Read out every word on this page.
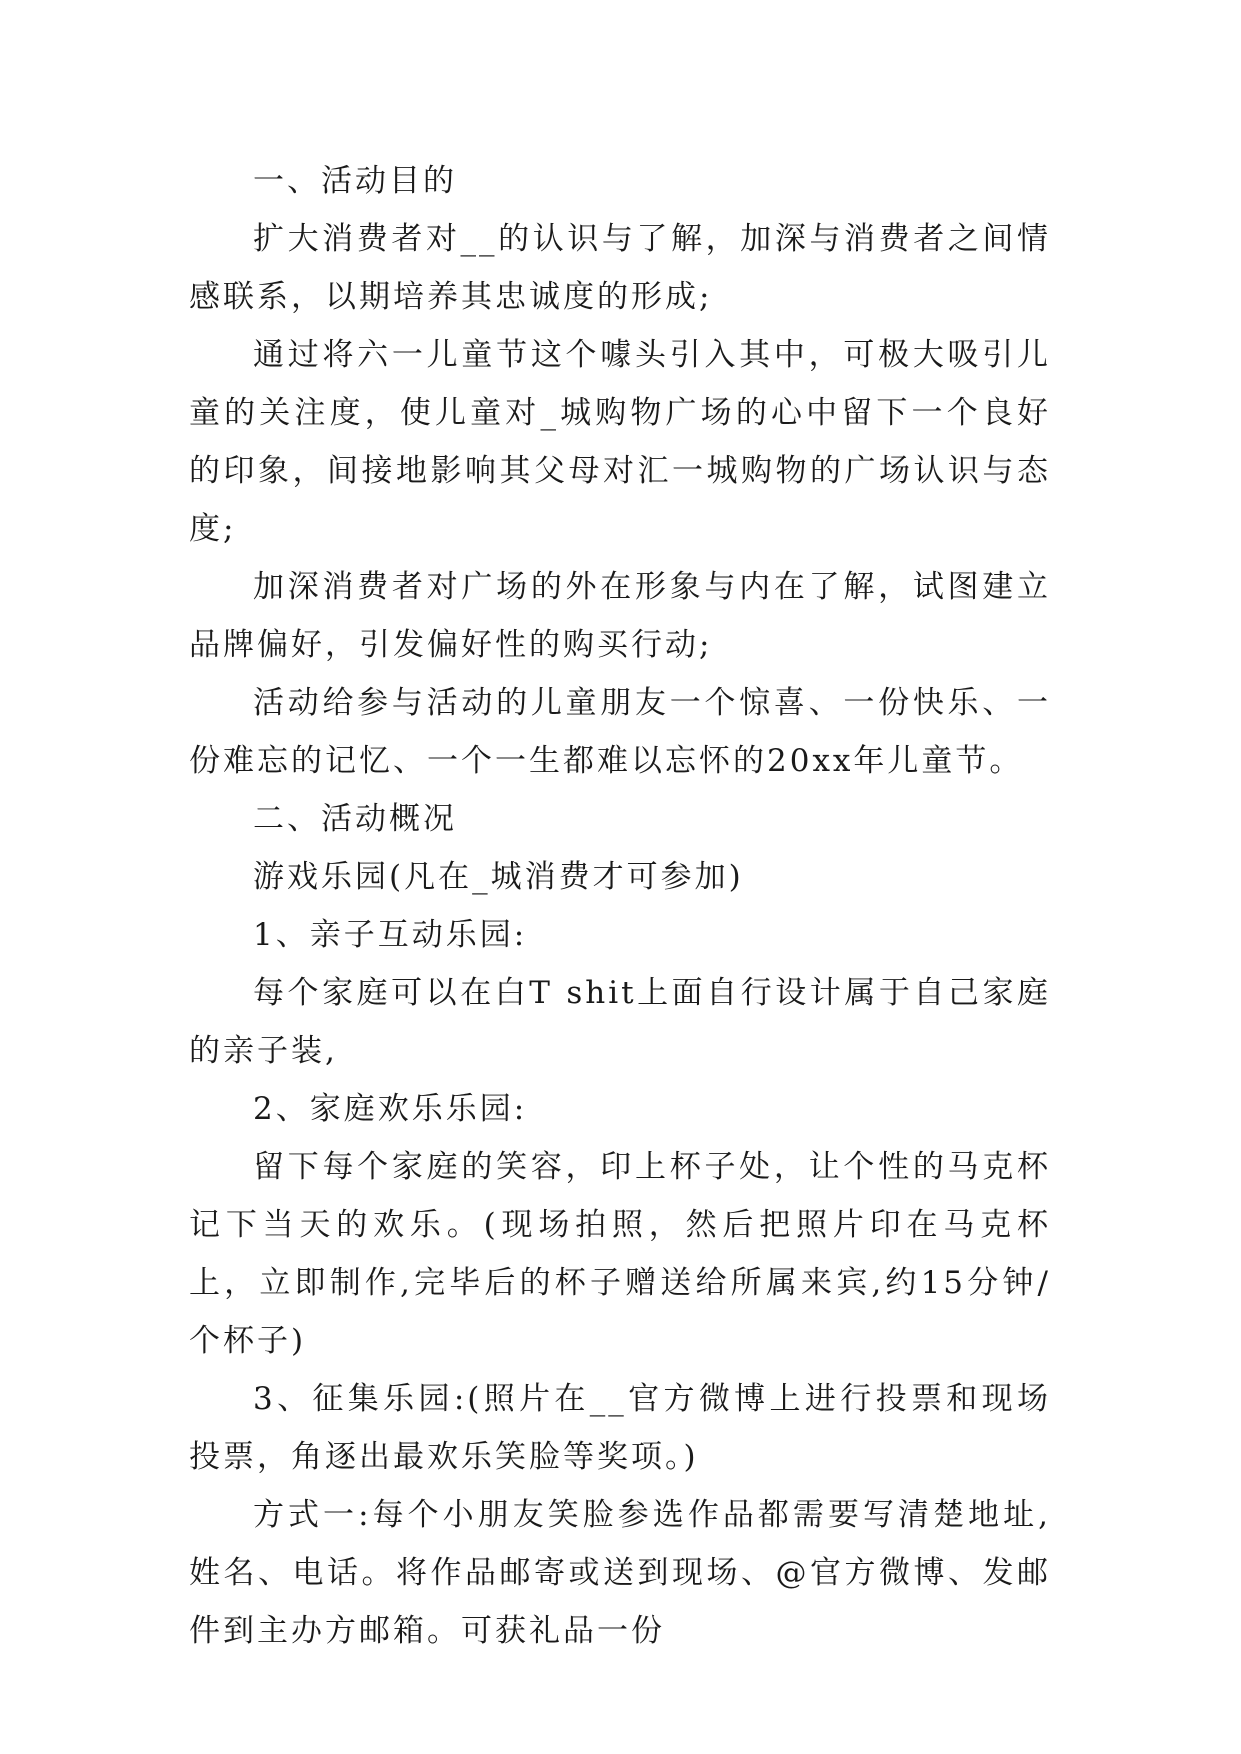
一、活动目的

扩大消费者对__的认识与了解，加深与消费者之间情感联系，以期培养其忠诚度的形成;

通过将六一儿童节这个噱头引入其中，可极大吸引儿童的关注度，使儿童对_城购物广场的心中留下一个良好的印象，间接地影响其父母对汇一城购物的广场认识与态度;

加深消费者对广场的外在形象与内在了解，试图建立品牌偏好，引发偏好性的购买行动;

活动给参与活动的儿童朋友一个惊喜、一份快乐、一份难忘的记忆、一个一生都难以忘怀的20xx年儿童节。

二、活动概况

游戏乐园(凡在_城消费才可参加)

1、亲子互动乐园:

每个家庭可以在白T shit上面自行设计属于自己家庭的亲子装,

2、家庭欢乐乐园:

留下每个家庭的笑容，印上杯子处，让个性的马克杯记下当天的欢乐。(现场拍照，然后把照片印在马克杯上，立即制作,完毕后的杯子赠送给所属来宾,约15分钟/个杯子)

3、征集乐园:(照片在__官方微博上进行投票和现场投票，角逐出最欢乐笑脸等奖项。)

方式一:每个小朋友笑脸参选作品都需要写清楚地址,姓名、电话。将作品邮寄或送到现场、@官方微博、发邮件到主办方邮箱。可获礼品一份
